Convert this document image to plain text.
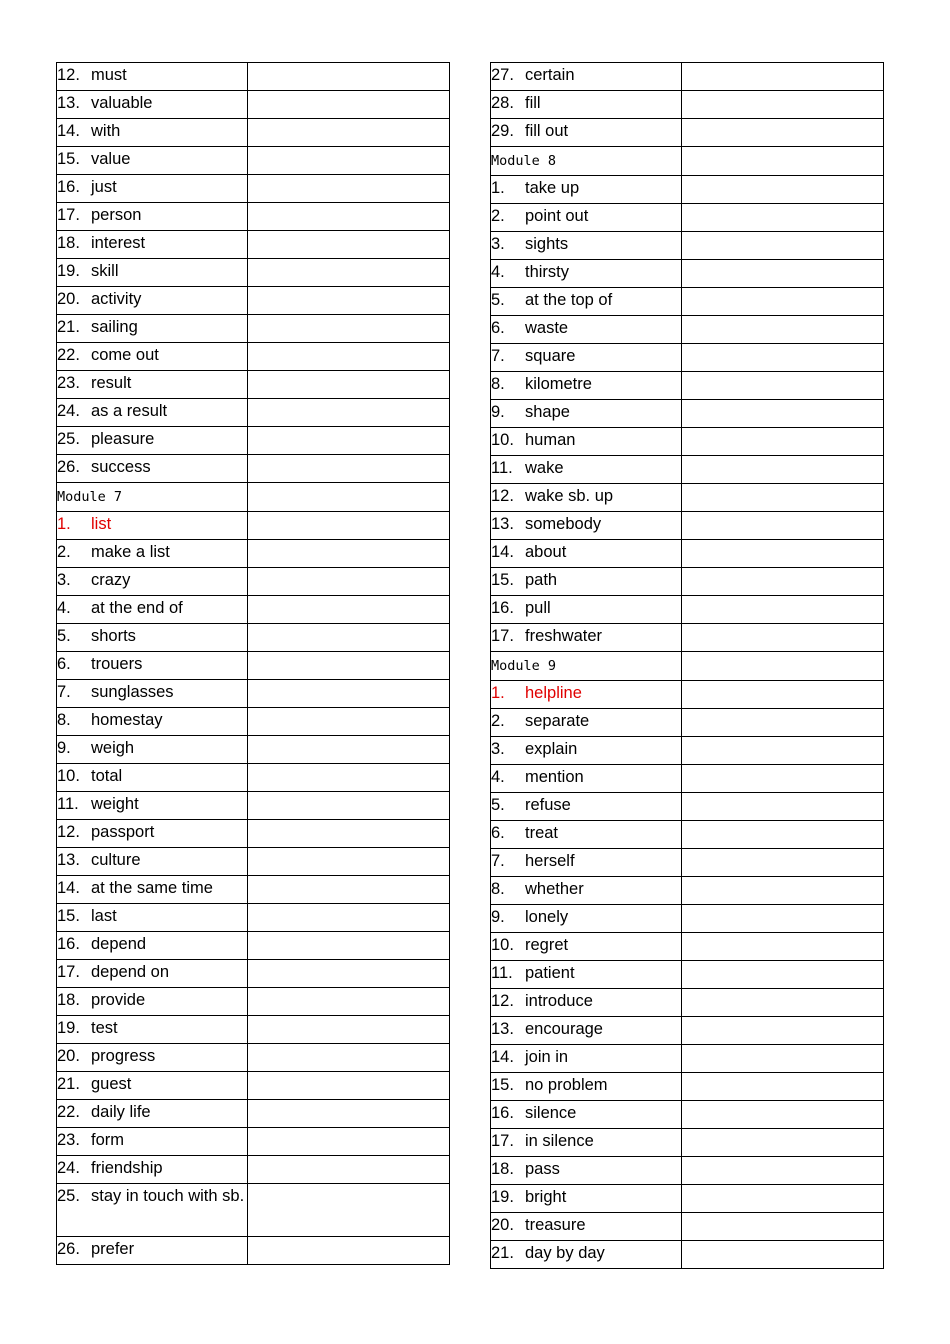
12. must	

13. valuable	

14. with	

15. value	

16. just	

17. person	

18. interest	

19. skill	

20. activity	

21. sailing	

22. come out	

23. result	

24. as a result	

25. pleasure	

26. success	

Module 7	

1. list	

2. make a list	

3. crazy	

4. at the end of	

5. shorts	

6. trouers	

7. sunglasses	

8. homestay	

9. weigh	

10. total	

11. weight	

12. passport	

13. culture	

14. at the same time	

15. last	

16. depend	

17. depend on	

18. provide	

19. test	

20. progress	

21. guest	

22. daily life	

23. form	

24. friendship	

25. stay in touch with sb.	

26. prefer	

27. certain	

28. fill	

29. fill out	

Module 8	

1. take up	

2. point out	

3. sights	

4. thirsty	

5. at the top of	

6. waste	

7. square	

8. kilometre	

9. shape	

10. human	

11. wake	

12. wake sb. up	

13. somebody	

14. about	

15. path	

16. pull	

17. freshwater	

Module 9	

1. helpline	

2. separate	

3. explain	

4. mention	

5. refuse	

6. treat	

7. herself	

8. whether	

9. lonely	

10. regret	

11. patient	

12. introduce	

13. encourage	

14. join in	

15. no problem	

16. silence	

17. in silence	

18. pass	

19. bright	

20. treasure	

21. day by day	
